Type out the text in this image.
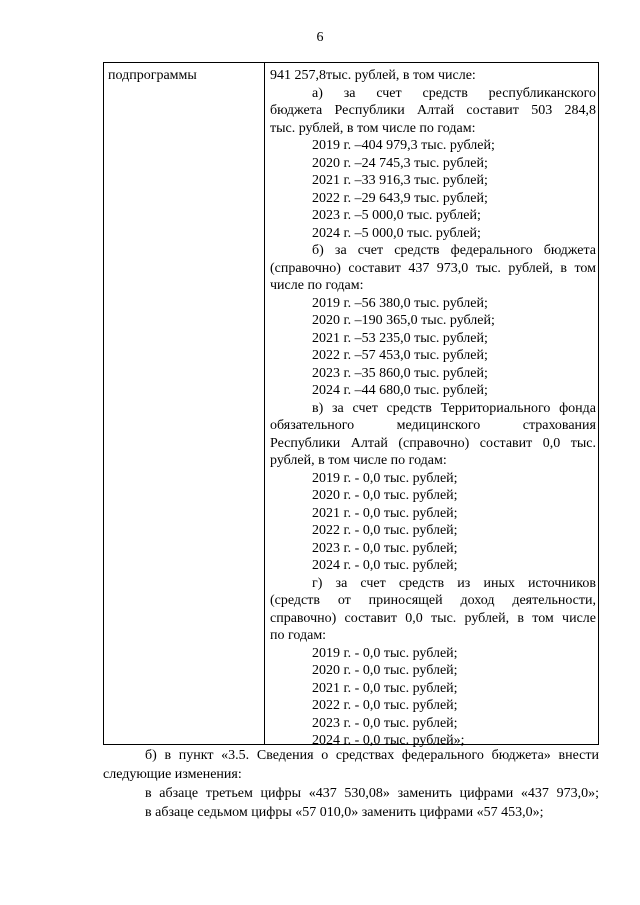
6
подпрограммы	941 257,8тыс. рублей, в том числе:
а) за счет средств республиканского
бюджета Республики Алтай составит 503 284,8
тыс. рублей, в том числе по годам:
2019 г. –404 979,3 тыс. рублей;
2020 г. –24 745,3 тыс. рублей;
2021 г. –33 916,3 тыс. рублей;
2022 г. –29 643,9 тыс. рублей;
2023 г. –5 000,0 тыс. рублей;
2024 г. –5 000,0 тыс. рублей;
б) за счет средств федерального бюджета
(справочно) составит 437 973,0 тыс. рублей, в том
числе по годам:
2019 г. –56 380,0 тыс. рублей;
2020 г. –190 365,0 тыс. рублей;
2021 г. –53 235,0 тыс. рублей;
2022 г. –57 453,0 тыс. рублей;
2023 г. –35 860,0 тыс. рублей;
2024 г. –44 680,0 тыс. рублей;
в) за счет средств Территориального фонда
обязательного медицинского страхования
Республики Алтай (справочно) составит 0,0 тыс.
рублей, в том числе по годам:
2019 г. - 0,0 тыс. рублей;
2020 г. - 0,0 тыс. рублей;
2021 г. - 0,0 тыс. рублей;
2022 г. - 0,0 тыс. рублей;
2023 г. - 0,0 тыс. рублей;
2024 г. - 0,0 тыс. рублей;
г) за счет средств из иных источников
(средств от приносящей доход деятельности,
справочно) составит 0,0 тыс. рублей, в том числе
по годам:
2019 г. - 0,0 тыс. рублей;
2020 г. - 0,0 тыс. рублей;
2021 г. - 0,0 тыс. рублей;
2022 г. - 0,0 тыс. рублей;
2023 г. - 0,0 тыс. рублей;
2024 г. - 0,0 тыс. рублей»;
б) в пункт «3.5. Сведения о средствах федерального бюджета» внести
следующие изменения:
в абзаце третьем цифры «437 530,08» заменить цифрами «437 973,0»;
в абзаце седьмом цифры «57 010,0» заменить цифрами «57 453,0»;
